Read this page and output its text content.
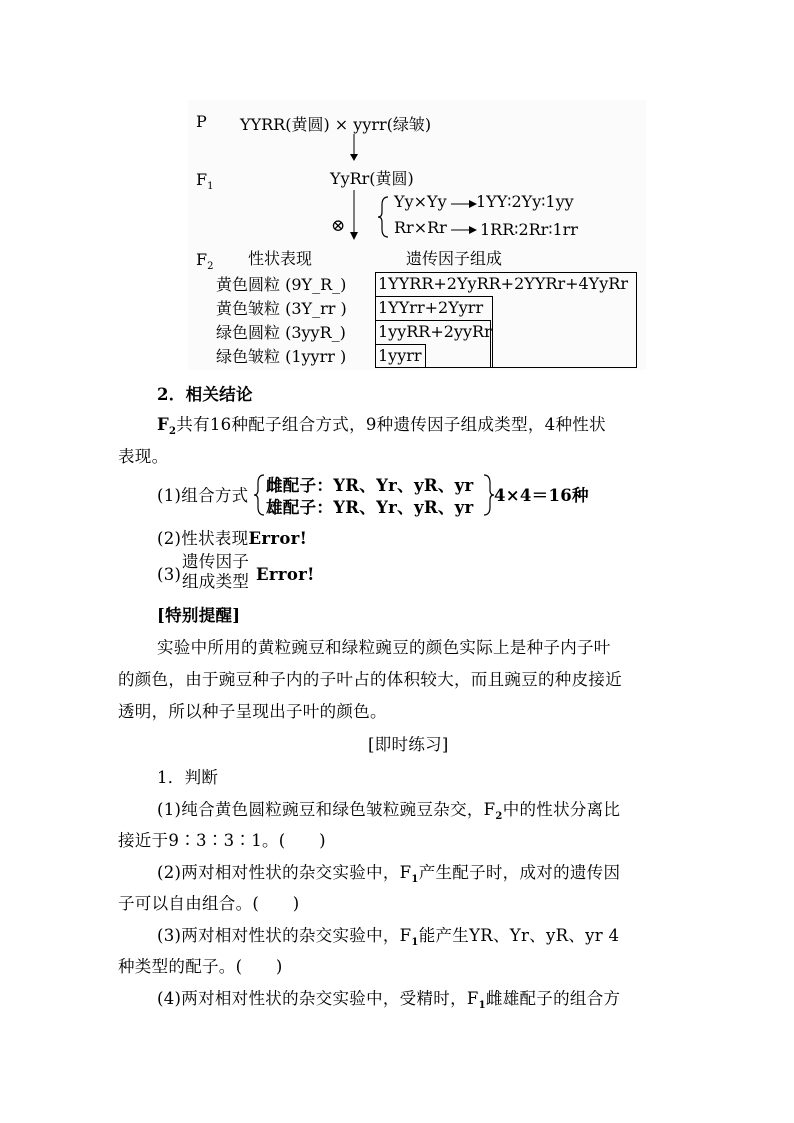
P YYRR(黄圆) × yyrr(绿皱)
$F_1$	YyRr(黄圆)
⊗
Yy×Yy 1YY∶2Yy∶1yy
Rr×Rr 1RR∶2Rr∶1rr
$F_2$ 性状表现	遗传因子组成
黄色圆粒 (9Y_R_)
黄色皱粒 (3Y_rr )
绿色圆粒 (3yyR_)
绿色皱粒 (1yyrr )
1YYRR+2YyRR+2YYRr+4YyRr
1YYrr+2Yyrr
1yyRR+2yyRr
1yyrr
2．相关结论
$F_2$共有16种配子组合方式，9种遗传因子组成类型，4种性状
表现。
(1)组合方式
雌配子：YR、Yr、yR、yr
雄配子：YR、Yr、yR、yr
4×4＝16种
(2)性状表现Error!
(3)
遗传因子
组成类型 Error!
[特别提醒]
实验中所用的黄粒豌豆和绿粒豌豆的颜色实际上是种子内子叶
的颜色，由于豌豆种子内的子叶占的体积较大，而且豌豆的种皮接近
透明，所以种子呈现出子叶的颜色。
[即时练习]
1．判断
(1)纯合黄色圆粒豌豆和绿色皱粒豌豆杂交，$F_2$中的性状分离比
接近于9∶3∶3∶1。(　　)
(2)两对相对性状的杂交实验中，$F_1$产生配子时，成对的遗传因
子可以自由组合。(　　)
(3)两对相对性状的杂交实验中，$F_1$能产生YR、Yr、yR、yr 4
种类型的配子。(　　)
(4)两对相对性状的杂交实验中，受精时，$F_1$雌雄配子的组合方
